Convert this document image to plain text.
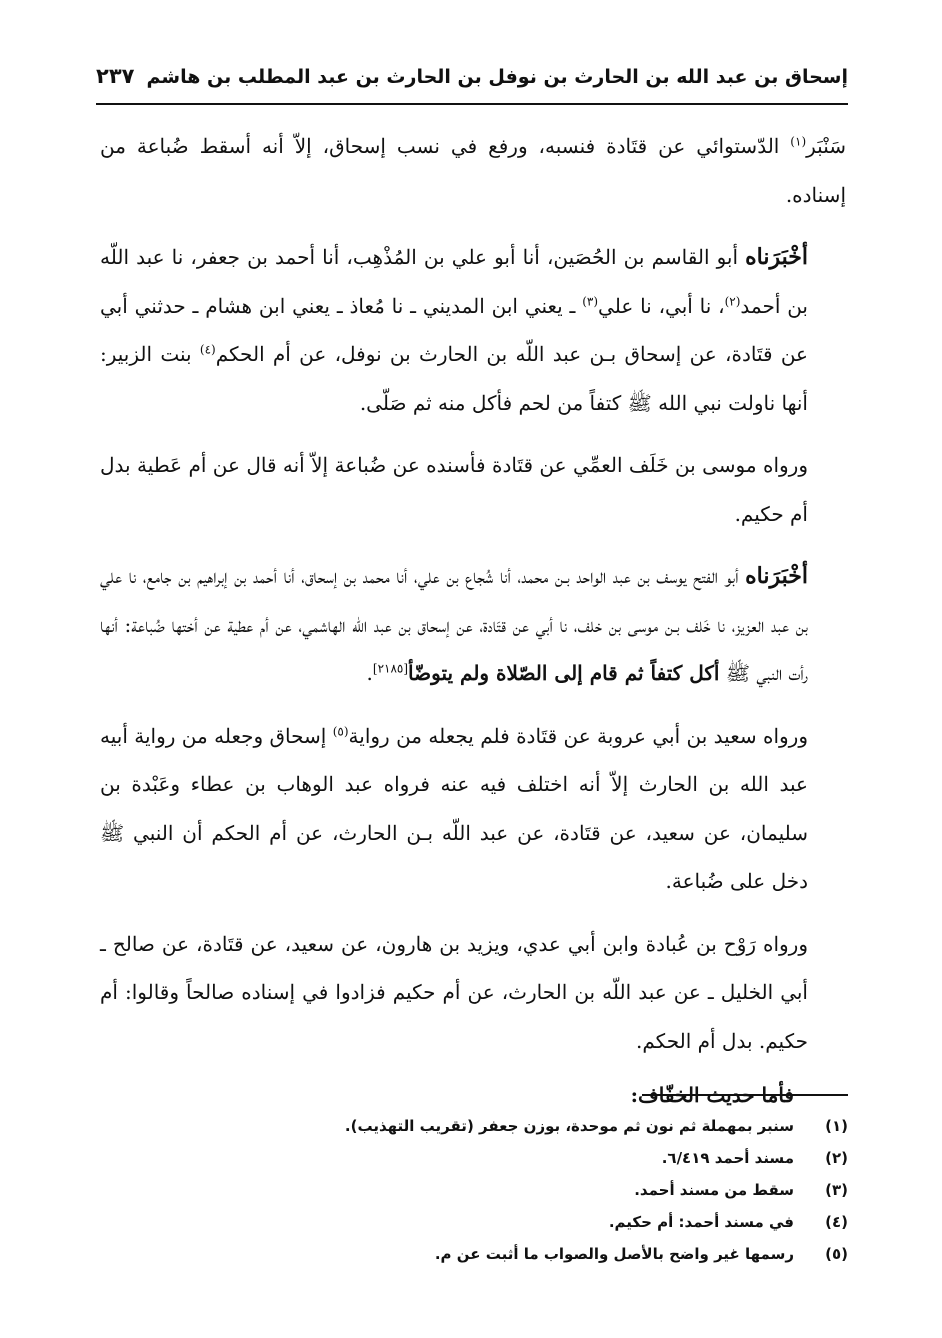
إسحاق بن عبد الله بن الحارث بن نوفل بن الحارث بن عبد المطلب بن هاشم
٢٣٧

سَنْبَر$^{(١)}$ الدّستوائي عن قتَادة فنسبه، ورفع في نسب إسحاق، إلاّ أنه أسقط ضُباعة من إسناده.

أخْبَرَناه أبو القاسم بن الحُصَين، أنا أبو علي بن المُذْهِب، أنا أحمد بن جعفر، نا عبد اللّه بن أحمد$^{(٢)}$، نا أبي، نا علي$^{(٣)}$ ـ يعني ابن المديني ـ نا مُعاذ ـ يعني ابن هشام ـ حدثني أبي عن قتَادة، عن إسحاق بـن عبد اللّه بن الحارث بن نوفل، عن أم الحكم$^{(٤)}$ بنت الزبير: أنها ناولت نبي الله ﷺ كتفاً من لحم فأكل منه ثم صَلّى.

ورواه موسى بن خَلَف العمِّي عن قتَادة فأسنده عن ضُباعة إلاّ أنه قال عن أم عَطية بدل أم حكيم.

أخْبَرَناه أبو الفتح يوسف بن عبد الواحد بـن محمد، أنا شُجاع بن علي، أنا محمد بن إسحاق، أنا أحمد بن إبراهيم بن جامع، نا علي بن عبد العزيز، نا خَلف بـن موسى بن خلف، نا أبي عن قتَادة، عن إسحاق بن عبد اللّه الهاشمي، عن أم عطية عن أختها ضُباعة: أنها رأت النبي ﷺ أكل كتفاً ثم قام إلى الصّلاة ولم يتوضّأ[٢١٨٥].

ورواه سعيد بن أبي عروبة عن قتَادة فلم يجعله من رواية$^{(٥)}$ إسحاق وجعله من رواية أبيه عبد الله بن الحارث إلاّ أنه اختلف فيه عنه فرواه عبد الوهاب بن عطاء وعَبْدة بن سليمان، عن سعيد، عن قتَادة، عن عبد اللّه بـن الحارث، عن أم الحكم أن النبي ﷺ دخل على ضُباعة.

ورواه رَوْح بن عُبادة وابن أبي عدي، ويزيد بن هارون، عن سعيد، عن قتَادة، عن صالح ـ أبي الخليل ـ عن عبد اللّه بن الحارث، عن أم حكيم فزادوا في إسناده صالحاً وقالوا: أم حكيم. بدل أم الحكم.

فأما حديث الخفّاف:

(١)
سنبر بمهملة ثم نون ثم موحدة، بوزن جعفر (تقريب التهذيب).
(٢)
مسند أحمد ٦/٤١٩.
(٣)
سقط من مسند أحمد.
(٤)
في مسند أحمد: أم حكيم.
(٥)
رسمها غير واضح بالأصل والصواب ما أثبت عن م.
